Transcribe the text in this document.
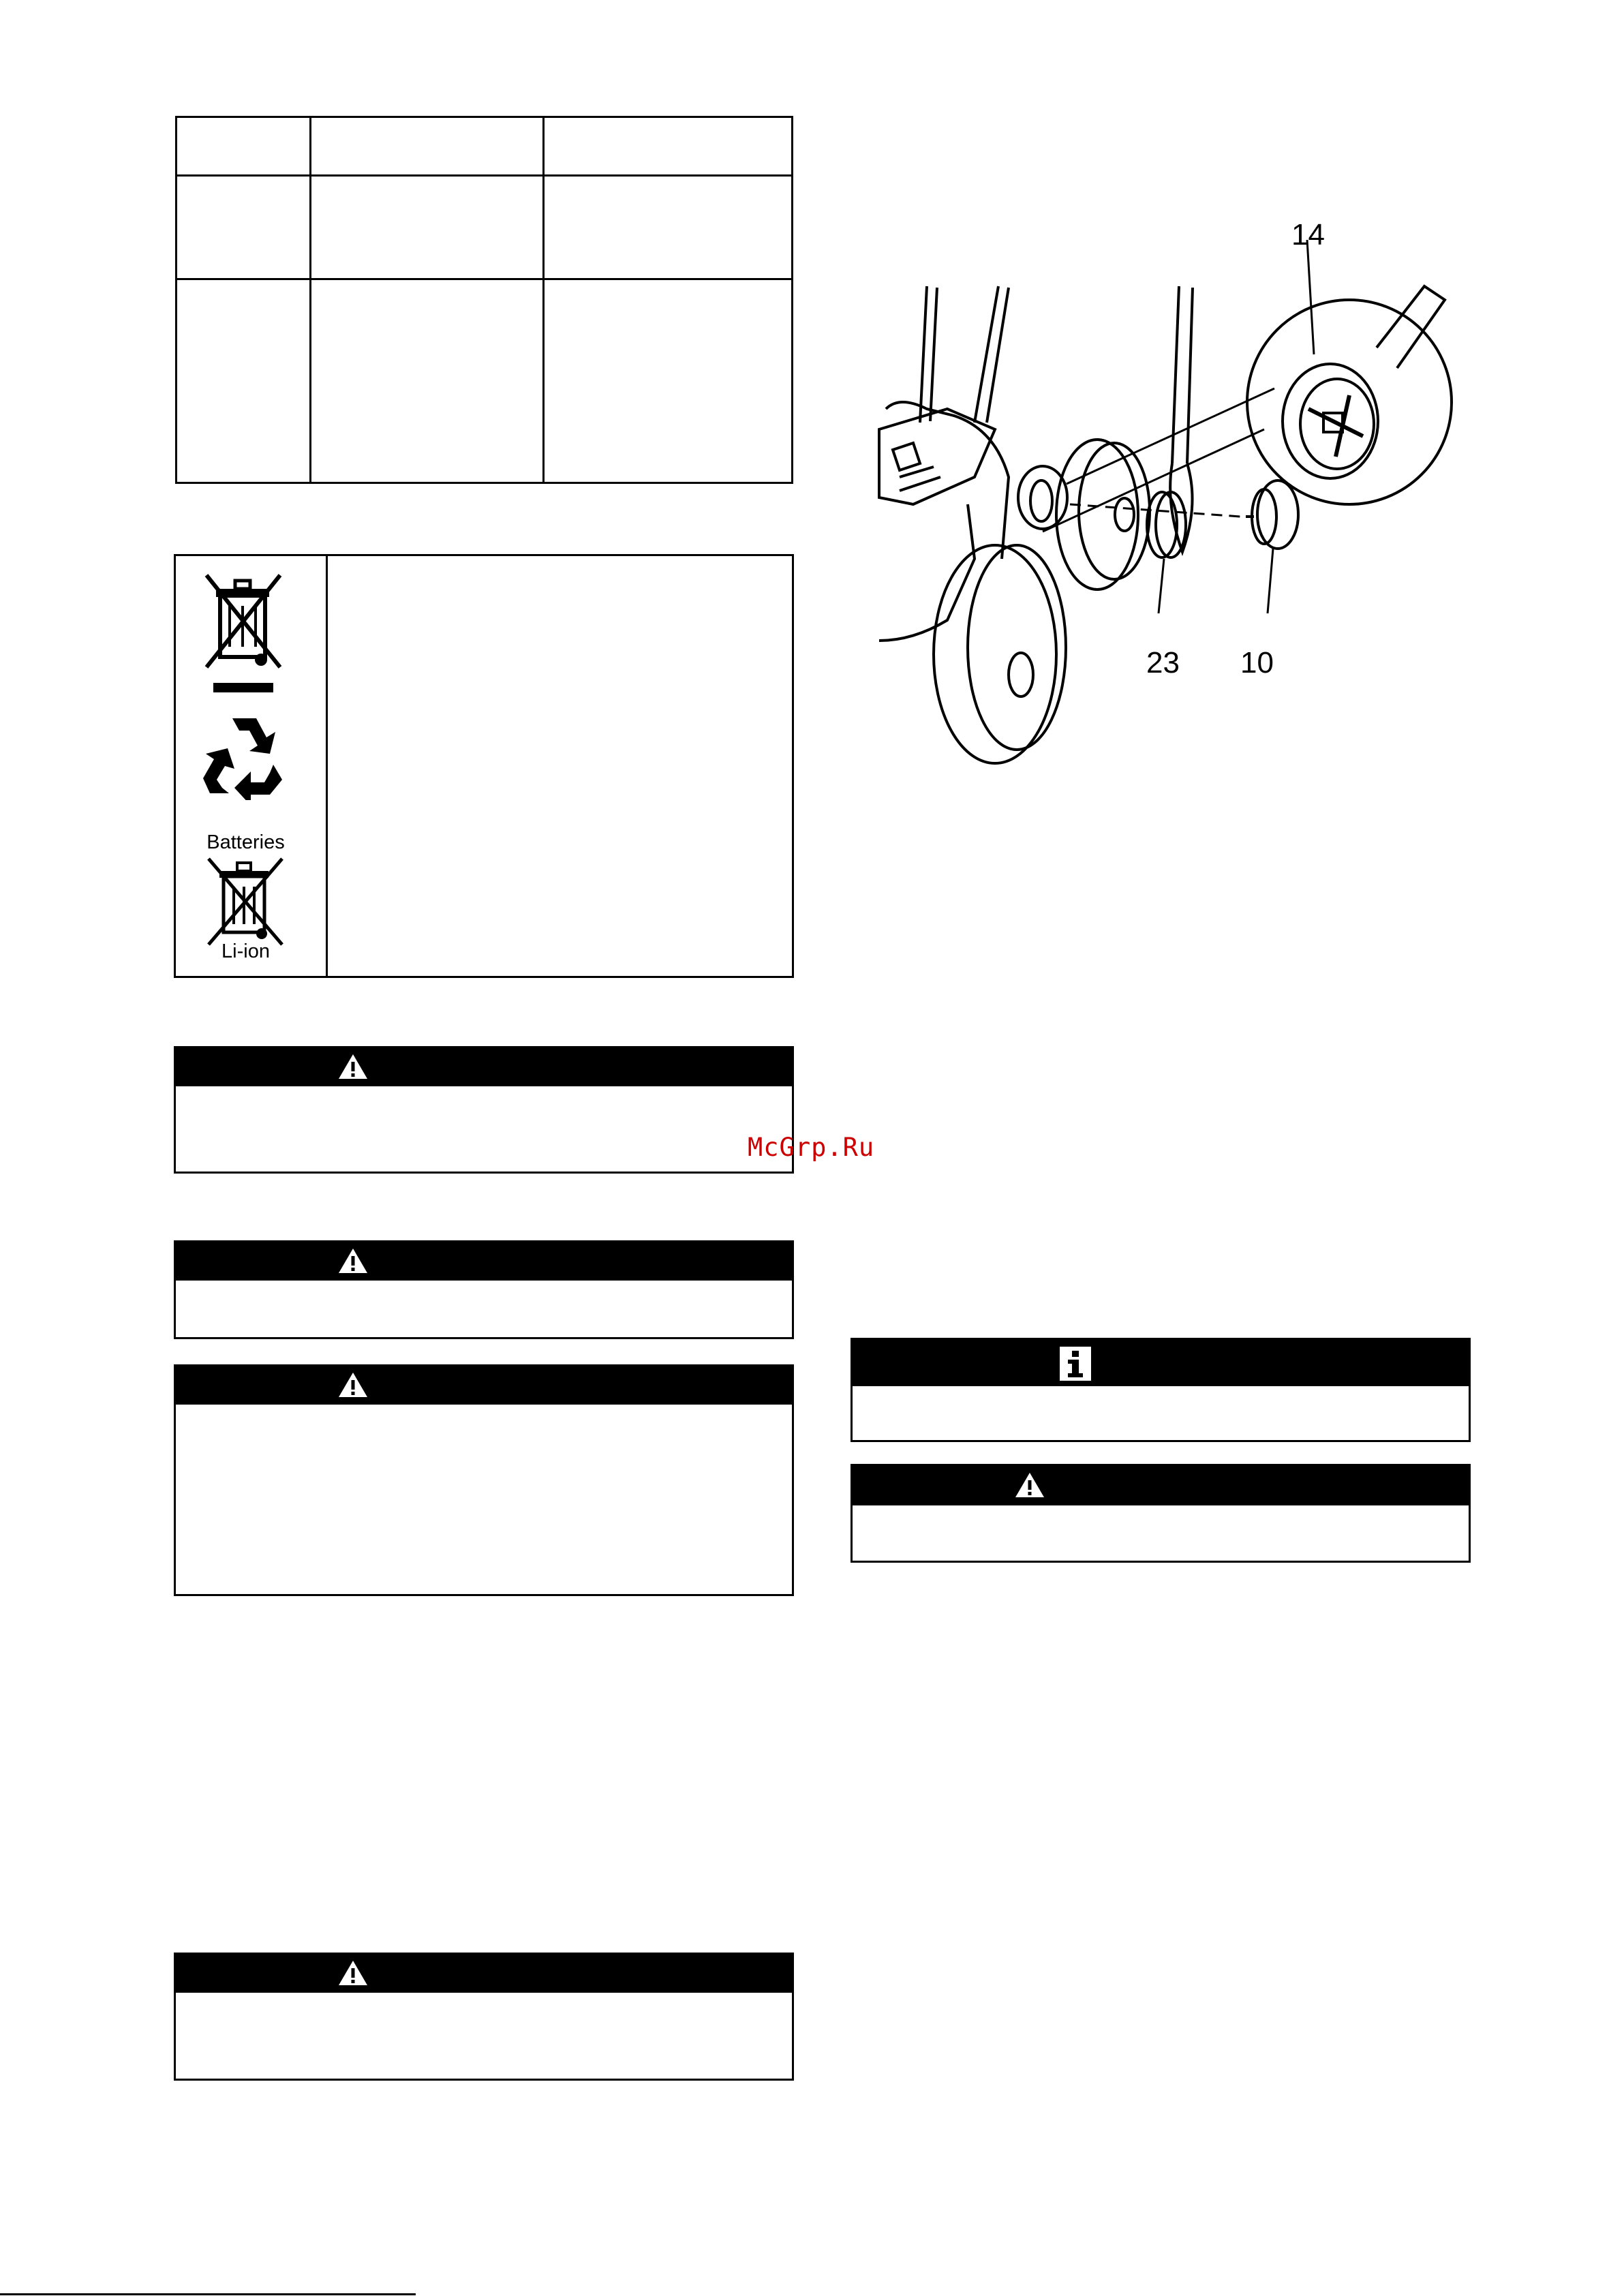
Batteries
Li-ion
14
23 10
McGrp.Ru
